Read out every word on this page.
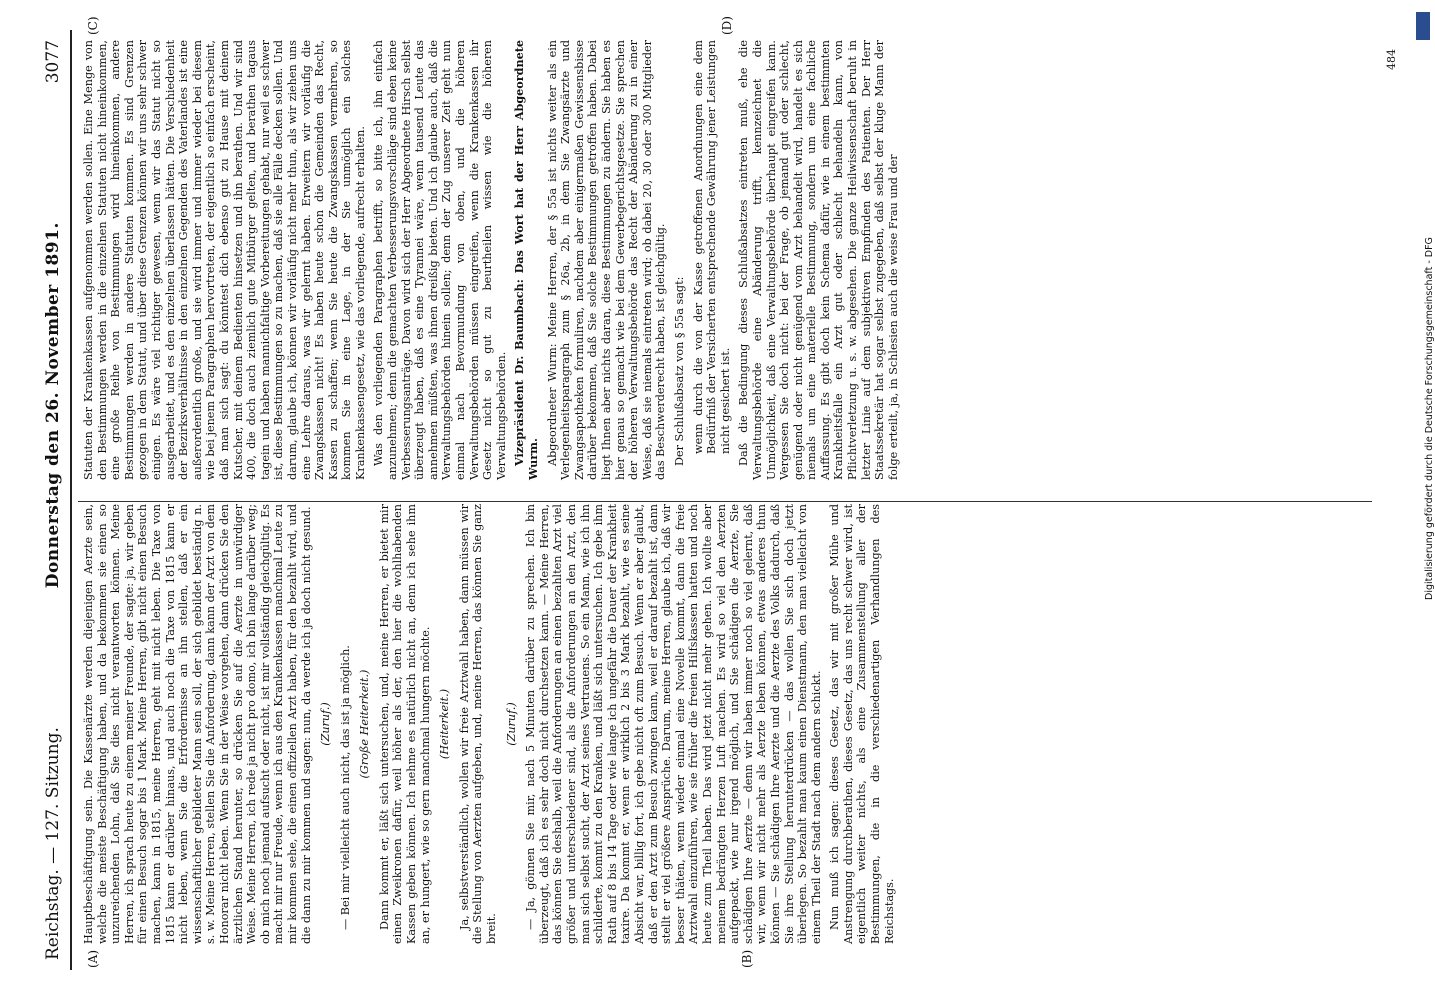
Reichstag. — 127. Sitzung.
Donnerstag den 26. November 1891.
3077
(A)	(B)
(C)	(D)

Hauptbeschäftigung sein. Die Kassenärzte werden diejenigen Aerzte sein, welche die meiste Beschäftigung haben, und da bekommen sie einen so unzureichenden Lohn, daß Sie dies nicht verantworten können. Meine Herren, ich sprach heute zu einem meiner Freunde, der sagte: ja, wir geben für einen Besuch sogar bis 1 Mark. Meine Herren, gibt nicht einen Besuch machen, kann in 1815, meine Herren, geht mit nicht leben. Die Taxe von 1815 kann er darüber hinaus, und auch noch die Taxe von 1815 kann er nicht leben, wenn Sie die Erfordernisse an ihn stellen, daß er ein wissenschaftlicher gebildeter Mann sein soll, der sich gebildet beständig n. s. w. Meine Herren, stellen Sie die Anforderung, dann kann der Arzt von dem Honorar nicht leben. Wenn Sie in der Weise vorgehen, dann drücken Sie den ärztlichen Stand herunter, so drücken Sie auf die Aerzte in unwürdiger Weise. Meine Herren, ich rede ja nicht pro domo, ich bin lange darüber weg; ob mich noch jemand aufsucht oder nicht, ist mir vollständig gleichgültig. Es macht mir nur Freude, wenn ich aus den Krankenkassen manchmal Leute zu mir kommen sehe, die einen offiziellen Arzt haben, für den bezahlt wird, und die dann zu mir kommen und sagen: nun, da werde ich ja doch nicht gesund. (Zuruf.) — Bei mir vielleicht auch nicht, das ist ja möglich. (Große Heiterkeit.) Dann kommt er, läßt sich untersuchen, und, meine Herren, er bietet mir einen Zweikronen dafür, weil höher als der, den hier die wohlhabenden Kassen geben können. Ich nehme es natürlich nicht an, denn ich sehe ihm an, er hungert, wie so gern manchmal hungern möchte. (Heiterkeit.) Ja, selbstverständlich, wollen wir freie Arztwahl haben, dann müssen wir die Stellung von Aerzten aufgeben, und, meine Herren, das können Sie ganz breit.

(Zuruf.) — Ja, gönnen Sie mir, nach 5 Minuten darüber zu sprechen. Ich bin überzeugt, daß ich es sehr doch nicht durchsetzen kann. — Meine Herren, das können Sie deshalb, weil die Anforderungen an einen bezahlten Arzt viel größer und unterschiedener sind, als die Anforderungen an den Arzt, den man sich selbst sucht, der Arzt seines Vertrauens. So ein Mann, wie ich ihn schilderte, kommt zu den Kranken, und läßt sich untersuchen. Ich gebe ihm Rath auf 8 bis 14 Tage oder wie lange ich ungefähr die Dauer der Krankheit taxire. Da kommt er, wenn er wirklich 2 bis 3 Mark bezahlt, wie es seine Absicht war, billig fort, ich gebe nicht oft zum Besuch. Wenn er aber glaubt, daß er den Arzt zum Besuch zwingen kann, weil er darauf bezahlt ist, dann stellt er viel größere Ansprüche. Darum, meine Herren, glaube ich, daß wir besser thäten, wenn wieder einmal eine Novelle kommt, dann die freie Arztwahl einzuführen, wie sie früher die freien Hilfskassen hatten und noch heute zum Theil haben. Das wird jetzt nicht mehr gehen. Ich wollte aber meinem bedrängten Herzen Luft machen. Es wird so viel den Aerzten aufgepackt, wie nur irgend möglich, und Sie schädigen die Aerzte, Sie schädigen Ihre Aerzte — denn wir haben immer noch so viel gelernt, daß wir, wenn wir nicht mehr als Aerzte leben können, etwas anderes thun können — Sie schädigen Ihre Aerzte und die Aerzte des Volks dadurch, daß Sie ihre Stellung herunterdrücken — das wollen Sie sich doch jetzt überlegen. So bezahlt man kaum einen Dienstmann, den man vielleicht von einem Theil der Stadt nach dem andern schickt. Nun muß ich sagen: dieses Gesetz, das wir mit großer Mühe und Anstrengung durchberathen, dieses Gesetz, das uns recht schwer wird, ist eigentlich weiter nichts, als eine Zusammenstellung aller der Bestimmungen, die in die verschiedenartigen Verhandlungen des Reichstags.

Statuten der Krankenkassen aufgenommen werden sollen. Eine Menge von den Bestimmungen werden in die einzelnen Statuten nicht hineinkommen, eine große Reihe von Bestimmungen wird hineinkommen, andere Bestimmungen werden in andere Statuten kommen. Es sind Grenzen gezogen in dem Statut, und über diese Grenzen können wir uns sehr schwer einigen. Es wäre viel richtiger gewesen, wenn wir das Statut nicht so ausgearbeitet, und es den einzelnen überlassen hätten. Die Verschiedenheit der Bezirksverhältnisse in den einzelnen Gegenden des Vaterlandes ist eine außerordentlich große, und sie wird immer und immer wieder bei diesem wie bei jenem Paragraphen hervortreten, der eigentlich so einfach erscheint, daß man sich sagt: du könntest dich ebenso gut zu Hause mit deinem Kutscher, mit deinem Bedienten hinsetzen und ihn berathen. Und wir sind 400, die doch auch ziemlich gute Mitbürger gelten, und berathen tagaus tagein und haben mannichfaltige Vorbereitungen gehabt, nur weil es schwer ist, diese Bestimmungen so zu machen, daß sie alle Fälle decken sollen. Und darum, glaube ich, können wir vorläufig nicht mehr thun, als wir ziehen uns eine Lehre daraus, was wir gelernt haben. Erweitern wir vorläufig die Zwangskassen nicht! Es haben heute schon die Gemeinden das Recht, Kassen zu schaffen; wenn Sie heute die Zwangskassen vermehren, so kommen Sie in eine Lage, in der Sie unmöglich ein solches Krankenkassengesetz, wie das vorliegende, aufrecht erhalten. Was den vorliegenden Paragraphen betrifft, so bitte ich, ihn einfach anzunehmen; denn die gemachten Verbesserungsvorschläge sind eben keine Verbesserungsanträge. Davon wird sich der Herr Abgeordnete Hirsch selbst überzeugt haben, daß es eine Tyrannei wäre, wenn tausend Leute das annehmen müßten, was ihnen dreißig bieten. Und ich glaube auch, daß die Verwaltungsbehörden hinein sollen; denn der Zug unserer Zeit geht nun einmal nach Bevormundung von oben, und die höheren Verwaltungsbehörden müssen eingreifen, wenn die Krankenkassen ihr Gesetz nicht so gut zu beurtheilen wissen wie die höheren Verwaltungsbehörden. Vizepräsident Dr. Baumbach: Das Wort hat der Herr Abgeordnete Wurm. Abgeordneter Wurm: Meine Herren, der § 55a ist nichts weiter als ein Verlegenheitsparagraph zum § 26a, 2b, in dem Sie Zwangsärzte und Zwangsapotheken formuliren, nachdem aber einigermaßen Gewissensbisse darüber bekommen, daß Sie solche Bestimmungen getroffen haben. Dabei liegt Ihnen aber nichts daran, diese Bestimmungen zu ändern. Sie haben es hier genau so gemacht wie bei dem Gewerbegerichtsgesetze. Sie sprechen der höheren Verwaltungsbehörde das Recht der Abänderung zu in einer Weise, daß sie niemals eintreten wird; ob dabei 20, 30 oder 300 Mitglieder das Beschwerderecht haben, ist gleichgültig. Der Schlußabsatz von § 55a sagt: wenn durch die von der Kasse getroffenen Anordnungen eine dem Bedürfniß der Versicherten entsprechende Gewährung jener Leistungen nicht gesichert ist. Daß die Bedingung dieses Schlußabsatzes eintreten muß, ehe die Verwaltungsbehörde eine Abänderung trifft, kennzeichnet die Unmöglichkeit, daß eine Verwaltungsbehörde überhaupt eingreifen kann. Vergessen Sie doch nicht: bei der Frage, ob jemand gut oder schlecht, genügend oder nicht genügend vom Arzt behandelt wird, handelt es sich niemals um eine materielle Bestimmung, sondern um eine fachliche Auffassung. Es gibt doch kein Schema dafür, wie in einem bestimmten Krankheitsfalle ein Arzt gut oder schlecht behandeln kann, von Pflichtverletzung u. s. w. abgesehen. Die ganze Heilwissenschaft beruht in letzter Linie auf dem subjektiven Empfinden des Patienten. Der Herr Staatssekretär hat sogar selbst zugegeben, daß selbst der kluge Mann der folge erteilt, ja, in Schlesien auch die weise Frau und der

484
Digitalisierung gefördert durch die Deutsche Forschungsgemeinschaft - DFG
